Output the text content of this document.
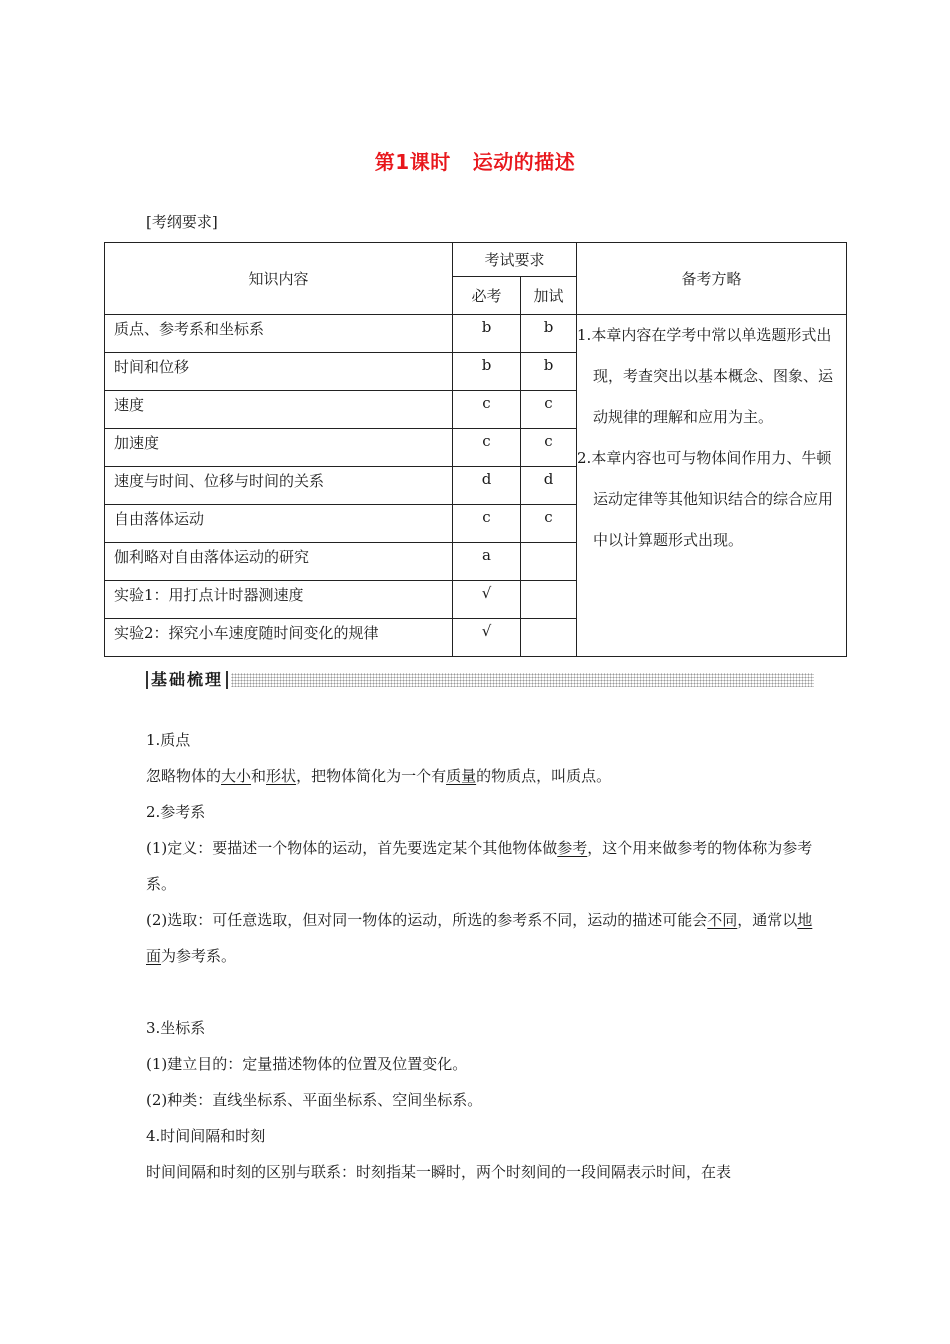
第1课时 运动的描述
[考纲要求]
知识内容	考试要求		备考方略
	必考	加试	
质点、参考系和坐标系	b	b	1.本章内容在学考中常以单选题形式出现，考查突出以基本概念、图象、运动规律的理解和应用为主。

2.本章内容也可与物体间作用力、牛顿运动定律等其他知识结合的综合应用中以计算题形式出现。

时间和位移	b	b	
速度	c	c	
加速度	c	c	
速度与时间、位移与时间的关系	d	d	
自由落体运动	c	c	
伽利略对自由落体运动的研究	a		
实验1：用打点计时器测速度	√		
实验2：探究小车速度随时间变化的规律	√		
基础梳理

1.质点

忽略物体的大小和形状，把物体简化为一个有质量的物质点，叫质点。

2.参考系

(1)定义：要描述一个物体的运动，首先要选定某个其他物体做参考，这个用来做参考的物体称为参考系。

(2)选取：可任意选取，但对同一物体的运动，所选的参考系不同，运动的描述可能会不同，通常以地面为参考系。

3.坐标系

(1)建立目的：定量描述物体的位置及位置变化。

(2)种类：直线坐标系、平面坐标系、空间坐标系。

4.时间间隔和时刻

时间间隔和时刻的区别与联系：时刻指某一瞬时，两个时刻间的一段间隔表示时间，在表
